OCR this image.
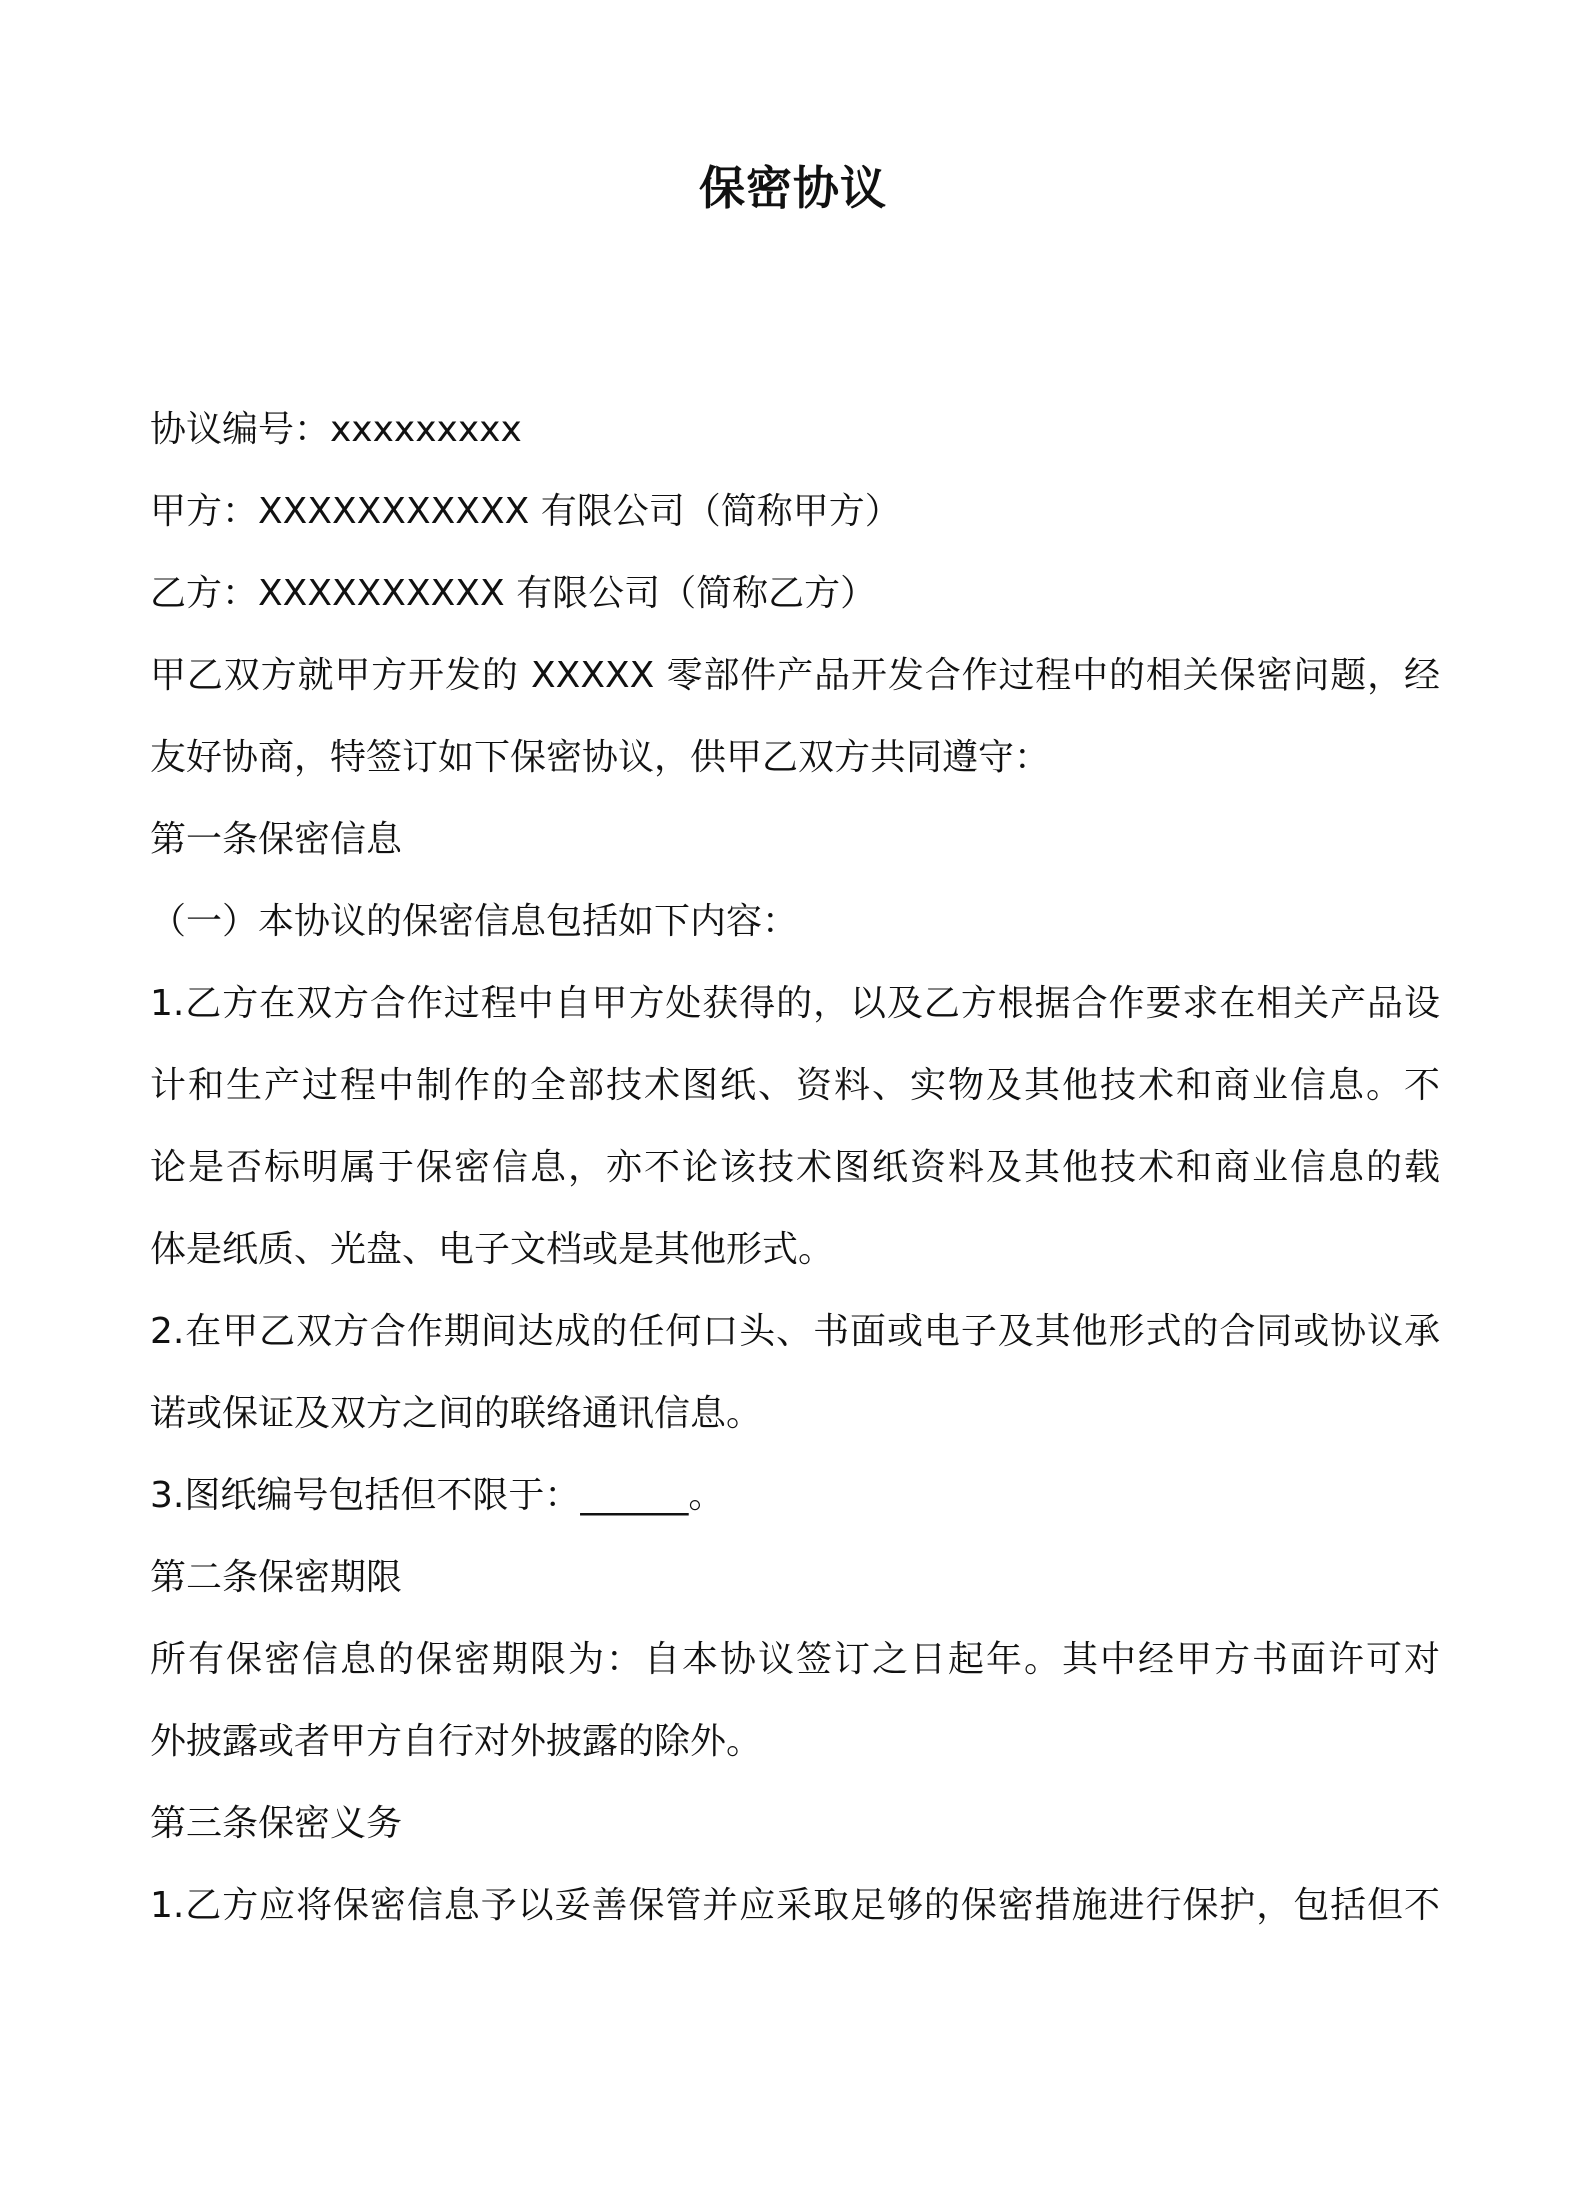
保密协议
协议编号：xxxxxxxxx
甲方：XXXXXXXXXXX 有限公司（简称甲方）
乙方：XXXXXXXXXX 有限公司（简称乙方）
甲乙双方就甲方开发的 XXXXX 零部件产品开发合作过程中的相关保密问题，经
友好协商，特签订如下保密协议，供甲乙双方共同遵守：
第一条保密信息
（一）本协议的保密信息包括如下内容：
1.乙方在双方合作过程中自甲方处获得的，以及乙方根据合作要求在相关产品设
计和生产过程中制作的全部技术图纸、资料、实物及其他技术和商业信息。不
论是否标明属于保密信息，亦不论该技术图纸资料及其他技术和商业信息的载
体是纸质、光盘、电子文档或是其他形式。
2.在甲乙双方合作期间达成的任何口头、书面或电子及其他形式的合同或协议承
诺或保证及双方之间的联络通讯信息。
3.图纸编号包括但不限于：______。
第二条保密期限
所有保密信息的保密期限为：自本协议签订之日起年。其中经甲方书面许可对
外披露或者甲方自行对外披露的除外。
第三条保密义务
1.乙方应将保密信息予以妥善保管并应采取足够的保密措施进行保护，包括但不
